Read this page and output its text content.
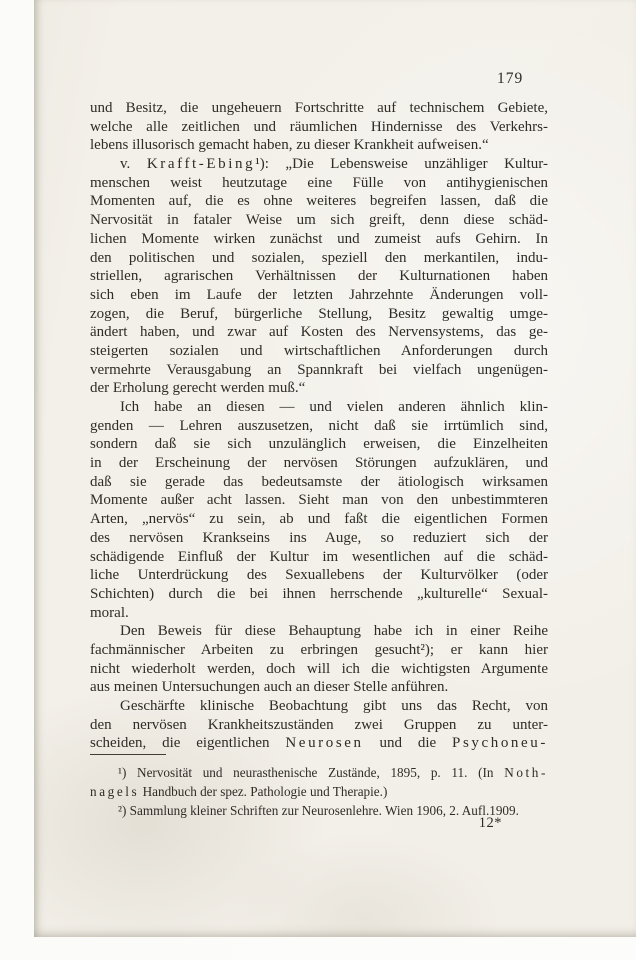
179
und Besitz, die ungeheuern Fortschritte auf technischem Gebiete,
welche alle zeitlichen und räumlichen Hindernisse des Verkehrs-
lebens illusorisch gemacht haben, zu dieser Krankheit aufweisen.“
v. Krafft-Ebing¹): „Die Lebensweise unzähliger Kultur-
menschen weist heutzutage eine Fülle von antihygienischen
Momenten auf, die es ohne weiteres begreifen lassen, daß die
Nervosität in fataler Weise um sich greift, denn diese schäd-
lichen Momente wirken zunächst und zumeist aufs Gehirn. In
den politischen und sozialen, speziell den merkantilen, indu-
striellen, agrarischen Verhältnissen der Kulturnationen haben
sich eben im Laufe der letzten Jahrzehnte Änderungen voll-
zogen, die Beruf, bürgerliche Stellung, Besitz gewaltig umge-
ändert haben, und zwar auf Kosten des Nervensystems, das ge-
steigerten sozialen und wirtschaftlichen Anforderungen durch
vermehrte Verausgabung an Spannkraft bei vielfach ungenügen-
der Erholung gerecht werden muß.“
Ich habe an diesen — und vielen anderen ähnlich klin-
genden — Lehren auszusetzen, nicht daß sie irrtümlich sind,
sondern daß sie sich unzulänglich erweisen, die Einzelheiten
in der Erscheinung der nervösen Störungen aufzuklären, und
daß sie gerade das bedeutsamste der ätiologisch wirksamen
Momente außer acht lassen. Sieht man von den unbestimmteren
Arten, „nervös“ zu sein, ab und faßt die eigentlichen Formen
des nervösen Krankseins ins Auge, so reduziert sich der
schädigende Einfluß der Kultur im wesentlichen auf die schäd-
liche Unterdrückung des Sexuallebens der Kulturvölker (oder
Schichten) durch die bei ihnen herrschende „kulturelle“ Sexual-
moral.
Den Beweis für diese Behauptung habe ich in einer Reihe
fachmännischer Arbeiten zu erbringen gesucht²); er kann hier
nicht wiederholt werden, doch will ich die wichtigsten Argumente
aus meinen Untersuchungen auch an dieser Stelle anführen.
Geschärfte klinische Beobachtung gibt uns das Recht, von
den nervösen Krankheitszuständen zwei Gruppen zu unter-
scheiden, die eigentlichen Neurosen und die Psychoneu-
¹) Nervosität und neurasthenische Zustände, 1895, p. 11. (In Noth-
nagels Handbuch der spez. Pathologie und Therapie.)
²) Sammlung kleiner Schriften zur Neurosenlehre. Wien 1906, 2. Aufl.1909.
12*
